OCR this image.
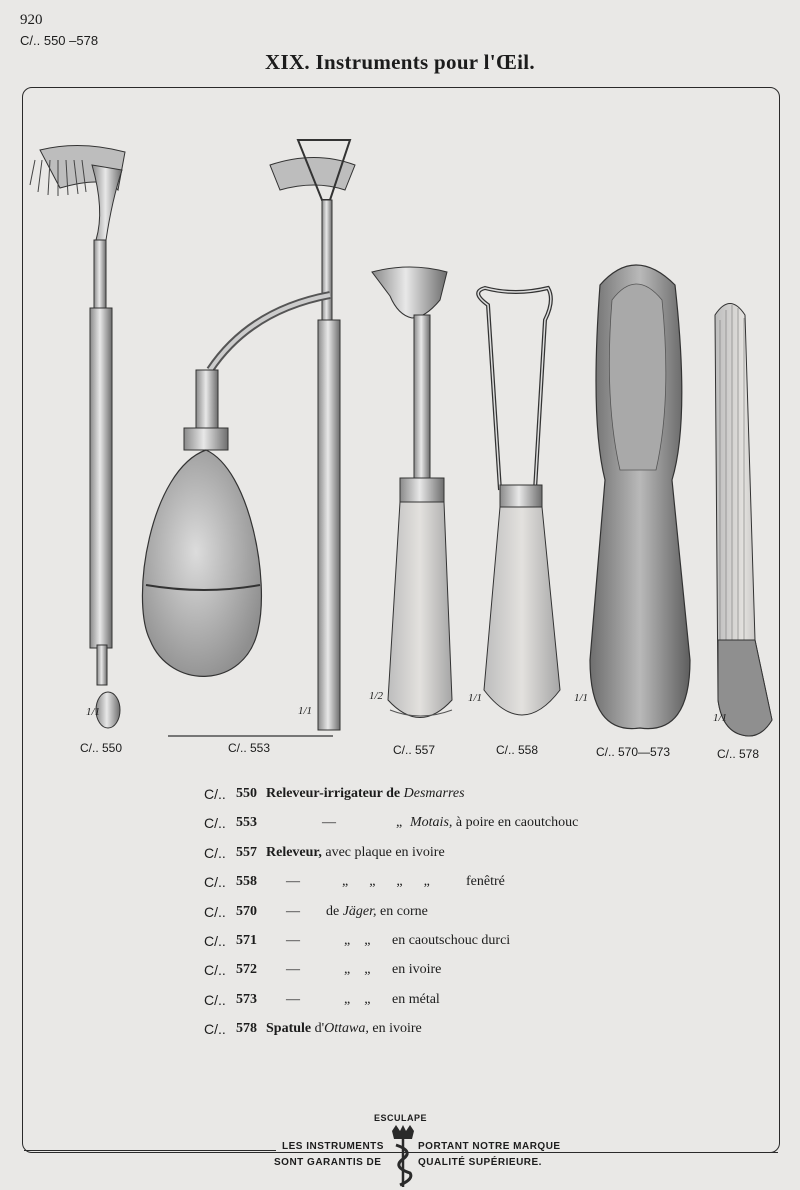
920
C/.. 550 –578
XIX. Instruments pour l'Œil.
C/.. 550	C/.. 553	C/.. 557	C/.. 558	C/.. 570—573	C/.. 578
1/1	1/1
1/2	1/1	1/1
1/1
C/.. 550 Releveur-irrigateur de Desmarres
C/.. 553	—	„ Motais, à poire en caoutchouc
C/.. 557 Releveur, avec plaque en ivoire
C/.. 558 —	„      „      „      „	fenêtré
C/.. 570 — de Jäger, en corne
C/.. 571 —	„    „ en caoutschouc durci
C/.. 572 —	„    „ en ivoire
C/.. 573 —	„    „ en métal
C/.. 578 Spatule d'Ottawa, en ivoire
ESCULAPE
LES INSTRUMENTS
SONT GARANTIS DE
PORTANT NOTRE MARQUE
QUALITÉ SUPÉRIEURE.
